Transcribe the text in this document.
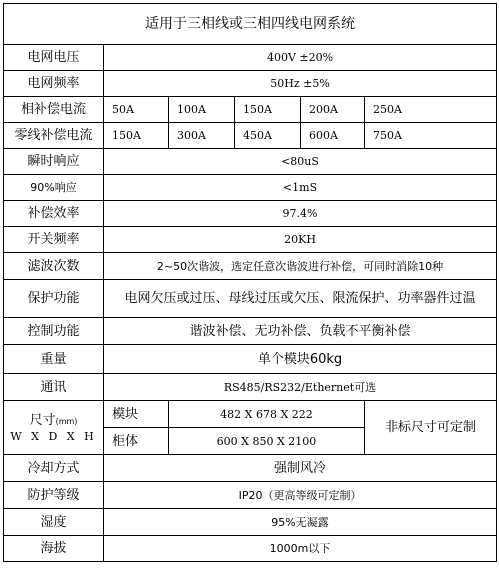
适用于三相线或三相四线电网系统					
电网电压	400V ±20%				
电网频率	50Hz ±5%				
相补偿电流	50A	100A	150A	200A	250A
零线补偿电流	150A	300A	450A	600A	750A
瞬时响应	<80uS				
90%响应	<1mS				
补偿效率	97.4%				
开关频率	20KH				
滤波次数	2~50次谐波，选定任意次谐波进行补偿，可同时消除10种				
保护功能	电网欠压或过压、母线过压或欠压、限流保护、功率器件过温				
控制功能	谐波补偿、无功补偿、负载不平衡补偿				
重量	单个模块60kg				
通讯	RS485/RS232/Ethernet可选				
尺寸(mm)
W X D X H	模块	482 X 678 X 222			非标尺寸可定制
	柜体	600 X 850 X 2100			
冷却方式	强制风冷				
防护等级	IP20（更高等级可定制）				
湿度	95%无凝露				
海拔	1000m以下				
